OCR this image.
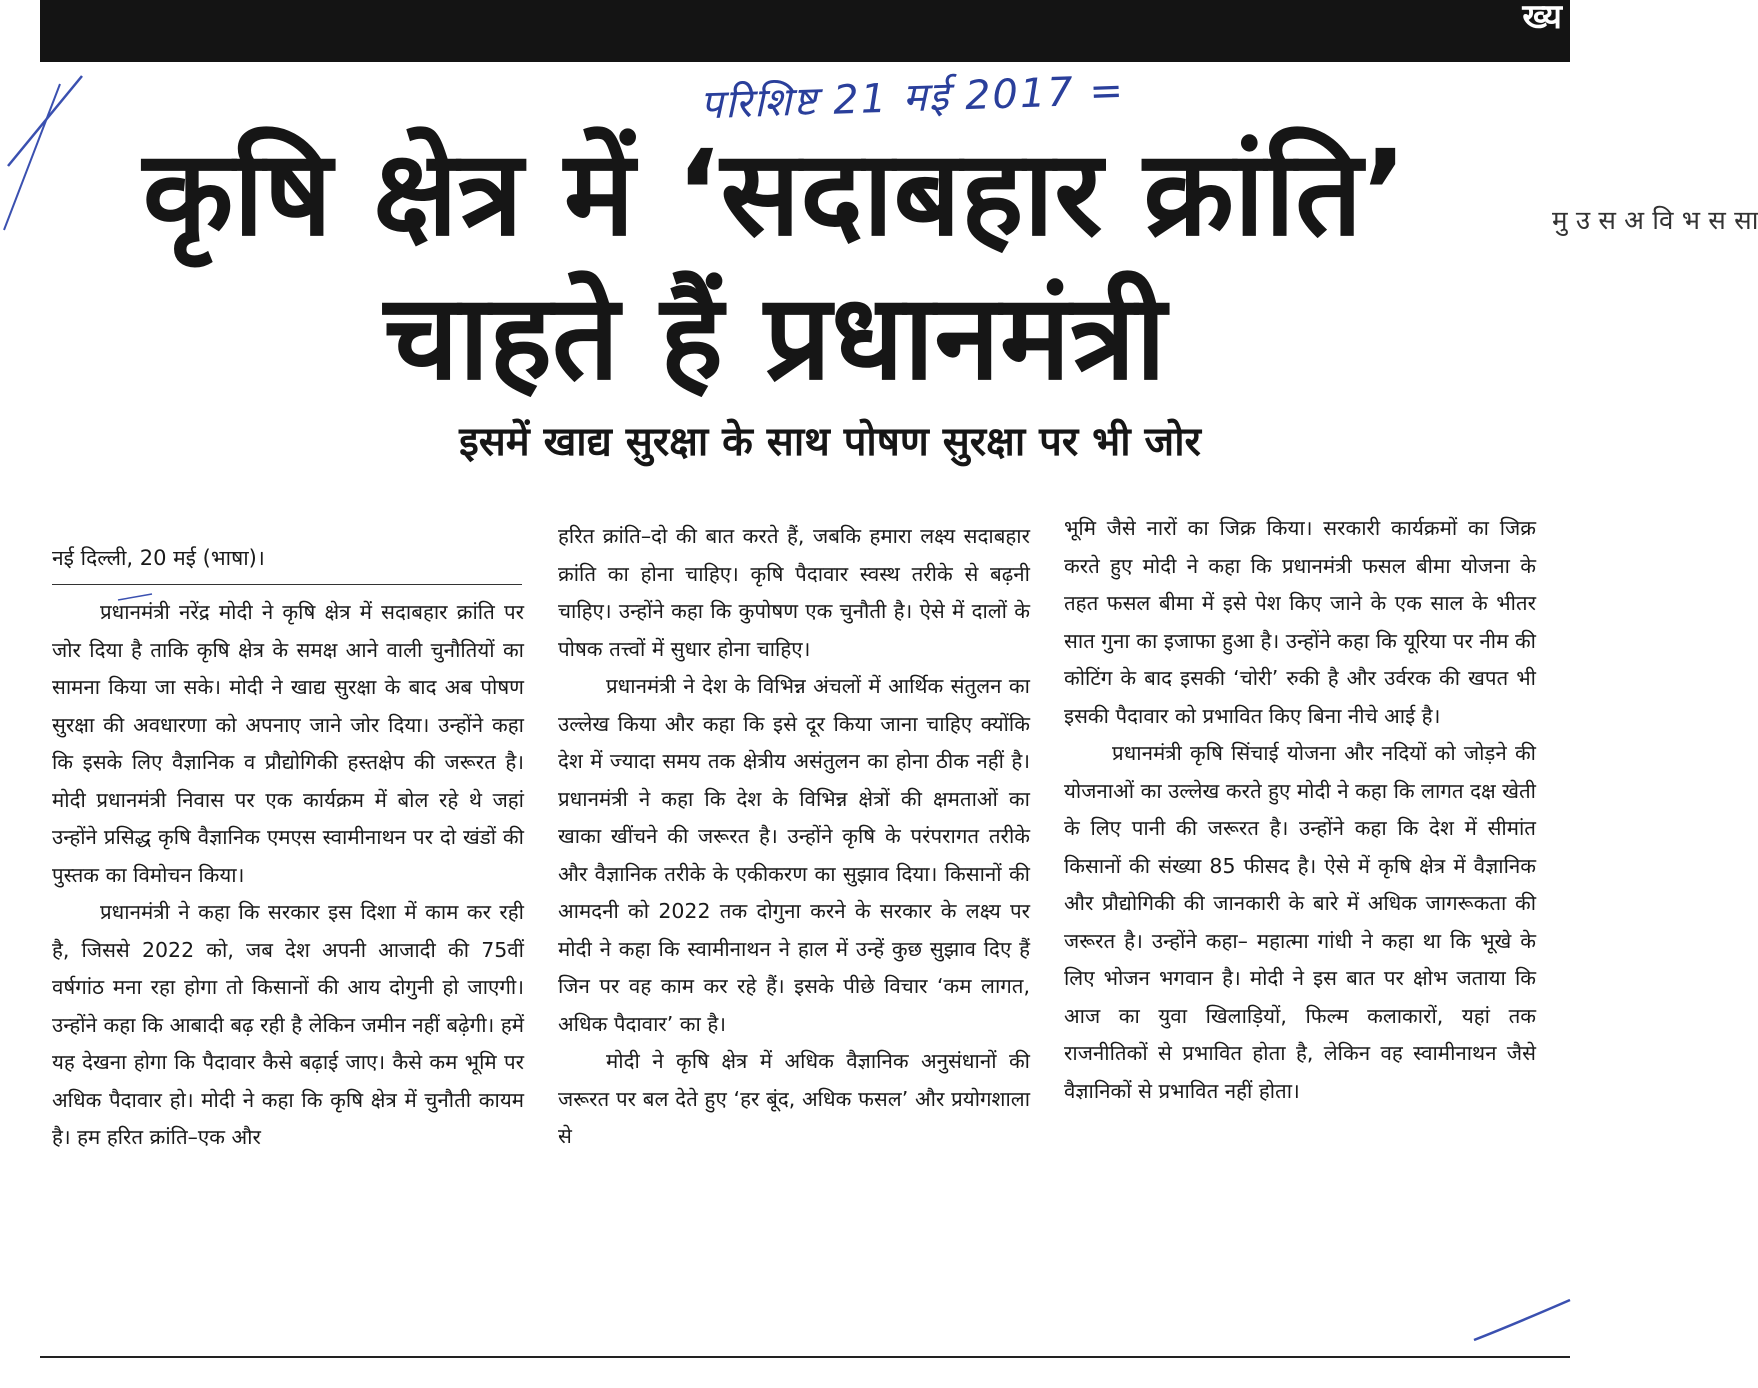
ख्य
परिशिष्ट 21 मई 2017 =
कृषि क्षेत्र में ‘सदाबहार क्रांति’
चाहते हैं प्रधानमंत्री
इसमें खाद्य सुरक्षा के साथ पोषण सुरक्षा पर भी जोर
नई दिल्ली, 20 मई (भाषा)।

प्रधानमंत्री नरेंद्र मोदी ने कृषि क्षेत्र में सदाबहार क्रांति पर जोर दिया है ताकि कृषि क्षेत्र के समक्ष आने वाली चुनौतियों का सामना किया जा सके। मोदी ने खाद्य सुरक्षा के बाद अब पोषण सुरक्षा की अवधारणा को अपनाए जाने जोर दिया। उन्होंने कहा कि इसके लिए वैज्ञानिक व प्रौद्योगिकी हस्तक्षेप की जरूरत है। मोदी प्रधानमंत्री निवास पर एक कार्यक्रम में बोल रहे थे जहां उन्होंने प्रसिद्ध कृषि वैज्ञानिक एमएस स्वामीनाथन पर दो खंडों की पुस्तक का विमोचन किया।

प्रधानमंत्री ने कहा कि सरकार इस दिशा में काम कर रही है, जिससे 2022 को, जब देश अपनी आजादी की 75वीं वर्षगांठ मना रहा होगा तो किसानों की आय दोगुनी हो जाएगी। उन्होंने कहा कि आबादी बढ़ रही है लेकिन जमीन नहीं बढ़ेगी। हमें यह देखना होगा कि पैदावार कैसे बढ़ाई जाए। कैसे कम भूमि पर अधिक पैदावार हो। मोदी ने कहा कि कृषि क्षेत्र में चुनौती कायम है। हम हरित क्रांति–एक और

हरित क्रांति–दो की बात करते हैं, जबकि हमारा लक्ष्य सदाबहार क्रांति का होना चाहिए। कृषि पैदावार स्वस्थ तरीके से बढ़नी चाहिए। उन्होंने कहा कि कुपोषण एक चुनौती है। ऐसे में दालों के पोषक तत्त्वों में सुधार होना चाहिए।

प्रधानमंत्री ने देश के विभिन्न अंचलों में आर्थिक संतुलन का उल्लेख किया और कहा कि इसे दूर किया जाना चाहिए क्योंकि देश में ज्यादा समय तक क्षेत्रीय असंतुलन का होना ठीक नहीं है। प्रधानमंत्री ने कहा कि देश के विभिन्न क्षेत्रों की क्षमताओं का खाका खींचने की जरूरत है। उन्होंने कृषि के परंपरागत तरीके और वैज्ञानिक तरीके के एकीकरण का सुझाव दिया। किसानों की आमदनी को 2022 तक दोगुना करने के सरकार के लक्ष्य पर मोदी ने कहा कि स्वामीनाथन ने हाल में उन्हें कुछ सुझाव दिए हैं जिन पर वह काम कर रहे हैं। इसके पीछे विचार ‘कम लागत, अधिक पैदावार’ का है।

मोदी ने कृषि क्षेत्र में अधिक वैज्ञानिक अनुसंधानों की जरूरत पर बल देते हुए ‘हर बूंद, अधिक फसल’ और प्रयोगशाला से

भूमि जैसे नारों का जिक्र किया। सरकारी कार्यक्रमों का जिक्र करते हुए मोदी ने कहा कि प्रधानमंत्री फसल बीमा योजना के तहत फसल बीमा में इसे पेश किए जाने के एक साल के भीतर सात गुना का इजाफा हुआ है। उन्होंने कहा कि यूरिया पर नीम की कोटिंग के बाद इसकी ‘चोरी’ रुकी है और उर्वरक की खपत भी इसकी पैदावार को प्रभावित किए बिना नीचे आई है।

प्रधानमंत्री कृषि सिंचाई योजना और नदियों को जोड़ने की योजनाओं का उल्लेख करते हुए मोदी ने कहा कि लागत दक्ष खेती के लिए पानी की जरूरत है। उन्होंने कहा कि देश में सीमांत किसानों की संख्या 85 फीसद है। ऐसे में कृषि क्षेत्र में वैज्ञानिक और प्रौद्योगिकी की जानकारी के बारे में अधिक जागरूकता की जरूरत है। उन्होंने कहा– महात्मा गांधी ने कहा था कि भूखे के लिए भोजन भगवान है। मोदी ने इस बात पर क्षोभ जताया कि आज का युवा खिलाड़ियों, फिल्म कलाकारों, यहां तक राजनीतिकों से प्रभावित होता है, लेकिन वह स्वामीनाथन जैसे वैज्ञानिकों से प्रभावित नहीं होता।

मु उ स अ वि भ स सा
